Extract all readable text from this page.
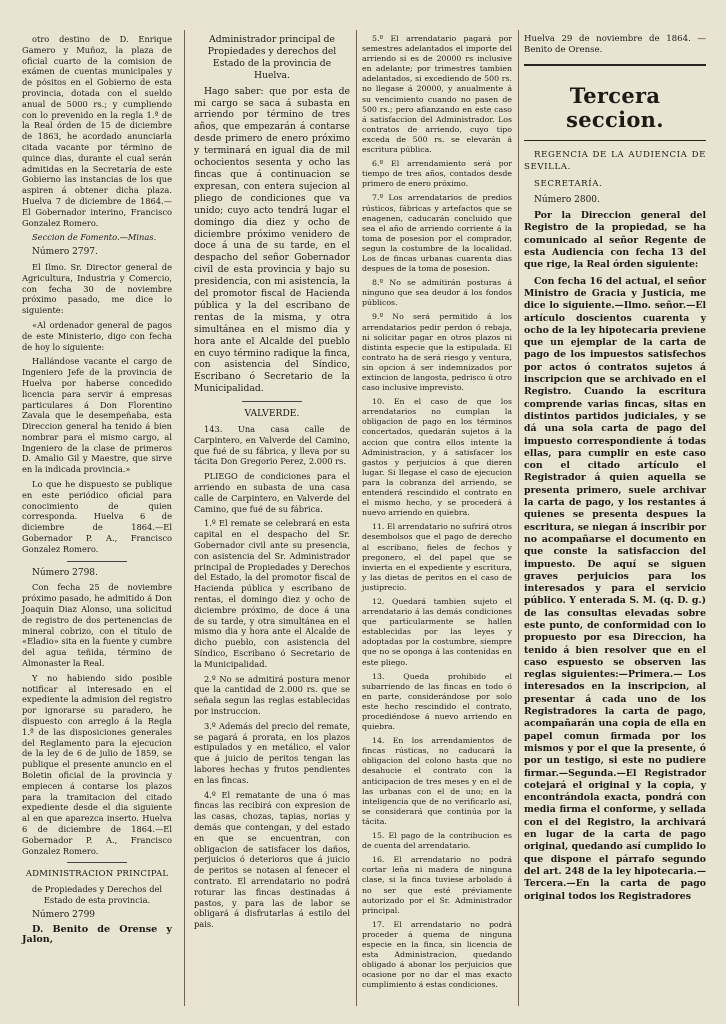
otro destino de D. Enrique Gamero y Muñoz, la plaza de oficial cuarto de la comision de exámen de cuentas municipales y de pósitos en el Gobierno de esta provincia, dotada con el sueldo anual de 5000 rs.; y cumpliendo con lo prevenido en la regla 1.ª de la Real órden de 15 de diciembre de 1863, he acordado anunciarla citada vacante por término de quince dias, durante el cual serán admitidas en la Secretaría de este Gobierno las instancias de los que aspiren á obtener dicha plaza. Huelva 7 de diciembre de 1864.—El Gobernador interino, Francisco Gonzalez Romero.

Seccion de Fomento.—Minas.

Número 2797.

El Ilmo. Sr. Director general de Agricultura, Industria y Comercio, con fecha 30 de noviembre próximo pasado, me dice lo siguiente:

«Al ordenador general de pagos de este Ministerio, digo con fecha de hoy lo siguiente:

Hallándose vacante el cargo de Ingeniero Jefe de la provincia de Huelva por haberse concedido licencia para servir á empresas particulares á Don Florentino Zavala que le desempeñaba, esta Direccion general ha tenido á bien nombrar para el mismo cargo, al Ingeniero de la clase de primeros D. Amalio Gil y Maestre, que sirve en la indicada provincia.»

Lo que he dispuesto se publique en este periódico oficial para conocimiento de quien corresponda. Huelva 6 de diciembre de 1864.—El Gobernador P. A., Francisco Gonzalez Romero.

Número 2798.

Con fecha 25 de noviembre próximo pasado, he admitido á Don Joaquin Diaz Alonso, una solicitud de registro de dos pertenencias de mineral cobrizo, con el título de «Eladio» sita en la fuente y cumbre del agua teñida, término de Almonaster la Real.

Y no habiendo sido posible notificar al interesado en el expediente la admision del registro por ignorarse su paradero, he dispuesto con arreglo á la Regla 1.ª de las disposiciones generales del Reglamento para la ejecucion de la ley de 6 de julio de 1859, se publique el presente anuncio en el Boletin oficial de la provincia y empiecen á contarse los plazos para la tramitacion del citado expediente desde el dia siguiente al en que aparezca inserto. Huelva 6 de diciembre de 1864.—El Gobernador P. A., Francisco Gonzalez Romero.

ADMINISTRACION PRINCIPAL

de Propiedades y Derechos del Estado de esta provincia.

Número 2799

D. Benito de Orense y Jalon,

Administrador principal de Propiedades y derechos del Estado de la provincia de Huelva.

Hago saber: que por esta de mi cargo se saca á subasta en arriendo por término de tres años, que empezarán á contarse desde primero de enero próximo y terminará en igual dia de mil ochocientos sesenta y ocho las fincas que á continuacion se expresan, con entera sujecion al pliego de condiciones que va unido; cuyo acto tendrá lugar el domingo dia diez y ocho de diciembre próximo venidero de doce á una de su tarde, en el despacho del señor Gobernador civil de esta provincia y bajo su presidencia, con mi asistencia, la del promotor fiscal de Hacienda pública y la del escribano de rentas de la misma, y otra simultánea en el mismo dia y hora ante el Alcalde del pueblo en cuyo término radique la finca, con asistencia del Síndico, Escribano ó Secretario de la Municipalidad.

VALVERDE.

143. Una casa calle de Carpintero, en Valverde del Camino, que fué de su fábrica, y lleva por su tácita Don Gregorio Perez, 2.000 rs.

PLIEGO de condiciones para el arriendo en subasta de una casa calle de Carpintero, en Valverde del Camino, que fué de su fábrica.

1.º El remate se celebrará en esta capital en el despacho del Sr. Gobernador civil ante su presencia, con asistencia del Sr. Administrador principal de Propiedades y Derechos del Estado, la del promotor fiscal de Hacienda pública y escribano de rentas, el domingo diez y ocho de diciembre próximo, de doce á una de su tarde, y otra simultánea en el mismo dia y hora ante el Alcalde de dicho pueblo, con asistencia del Síndico, Escribano ó Secretario de la Municipalidad.

2.º No se admitirá postura menor que la cantidad de 2.000 rs. que se señala segun las reglas establecidas por instruccion.

3.º Además del precio del remate, se pagará á prorata, en los plazos estipulados y en metálico, el valor que á juicio de peritos tengan las labores hechas y frutos pendientes en las fincas.

4.º El rematante de una ó mas fincas las recibirá con expresion de las casas, chozas, tapias, norias y demás que contengan, y del estado en que se encuentran, con obligacion de satisfacer los daños, perjuicios ó deterioros que á juicio de peritos se notasen al fenecer el contrato. El arrendatario no podrá roturar las fincas destinadas á pastos, y para las de labor se obligará á disfrutarlas á estilo del pais.

5.º El arrendatario pagará por semestres adelantados el importe del arriendo si es de 20000 rs inclusive en adelante; por trimestres tambien adelantados, si excediendo de 500 rs. no llegase á 20000, y anualmente á su vencimiento cuando no pasen de 500 rs.; pero afianzando en este caso á satisfaccion del Administrador. Los contratos de arriendo, cuyo tipo exceda de 500 rs. se elevarán á escritura pública.

6.º El arrendamiento será por tiempo de tres años, contados desde primero de enero próximo.

7.º Los arrendatarios de predios rústicos, fábricas y artefactos que se enagenen, caducarán concluido que sea el año de arriendo corriente á la toma de posesion por el comprador, segun la costumbre de la localidad. Los de fincas urbanas cuarenta dias despues de la toma de posesion.

8.º No se admitirán posturas á ninguno que sea deudor á los fondos públicos.

9.º No será permitido á los arrendatarios pedir perdon ó rebaja, ni solicitar pagar en otros plazos ni distinta especie que la estipulada. El contrato ha de será riesgo y ventura, sin opcion á ser indemnizados por extincion de langosta, pedrisco ú otro caso inclusive imprevisto.

10. En el caso de que los arrendatarios no cumplan la obligacion de pago en los términos concertados, quedarán sujetos á la accion que contra ellos intente la Administracion, y á satisfacer los gastos y perjuicios á que dieren lugar. Si llegase el caso de ejecucion para la cobranza del arriendo, se entenderá rescindido el contrato en el mismo hecho, y se procederá á nuevo arriendo en quiebra.

11. El arrendatario no sufrirá otros desembolsos que el pago de derecho al escribano, fieles de fechos y pregonero, el del papel que se invierta en el expediente y escritura, y las dietas de peritos en el caso de justiprecio.

12. Quedará tambien sujeto el arrendatario á las demás condiciones que particularmente se hallen establecidas por las leyes y adoptadas por la costumbre, siempre que no se oponga á las contenidas en este pliego.

13. Queda prohibido el subarriendo de las fincas en todo ó en parte, considerándose por solo este hecho rescindido el contrato, procediéndose á nuevo arriendo en quiebra.

14. En los arrendamientos de fincas rústicas, no caducará la obligacion del colono hasta que no desahucie el contrato con la anticipacion de tres meses y en el de las urbanas con el de uno; en la inteligencia que de no verificarlo así, se considerará que continúa por la tácita.

15. El pago de la contribucion es de cuenta del arrendatario.

16. El arrendatario no podrá cortar leña ni madera de ninguna clase, si la finca tuviese arbolado á no ser que esté préviamente autorizado por el Sr. Administrador principal.

17. El arrendatario no podrá proceder á quema de ninguna especie en la finca, sin licencia de esta Administracion, quedando obligado á abonar los perjuicios que ocasione por no dar el mas exacto cumplimiento á estas condiciones.

Huelva 29 de noviembre de 1864. —Benito de Orense.

Tercera seccion.

REGENCIA DE LA AUDIENCIA DE SEVILLA.

SECRETARÍA.

Número 2800.

Por la Direccion general del Registro de la propiedad, se ha comunicado al señor Regente de esta Audiencia con fecha 13 del que rige, la Real órden siguiente:

Con fecha 16 del actual, el señor Ministro de Gracia y Justicia, me dice lo siguiente.—Ilmo. señor.—El artículo doscientos cuarenta y ocho de la ley hipotecaria previene que un ejemplar de la carta de pago de los impuestos satisfechos por actos ó contratos sujetos á inscripcion que se archivado en el Registro. Cuando la escritura comprende varias fincas, sitas en distintos partidos judiciales, y se dá una sola carta de pago del impuesto correspondiente á todas ellas, para cumplir en este caso con el citado artículo el Registrador á quien aquella se presenta primero, suele archivar la carta de pago, y los restantes á quienes se presenta despues la escritura, se niegan á inscribir por no acompañarse el documento en que conste la satisfaccion del impuesto. De aquí se siguen graves perjuicios para los interesados y para el servicio público. Y enterada S. M. (q. D. g.) de las consultas elevadas sobre este punto, de conformidad con lo propuesto por esa Direccion, ha tenido á bien resolver que en el caso espuesto se observen las reglas siguientes:—Primera.— Los interesados en la inscripcion, al presentar á cada uno de los Registradores la carta de pago, acompañarán una copia de ella en papel comun firmada por los mismos y por el que la presente, ó por un testigo, si este no pudiere firmar.—Segunda.—El Registrador cotejará el original y la copia, y encontrándola exacta, pondrá con media firma el conforme, y sellada con el del Registro, la archivará en lugar de la carta de pago original, quedando así cumplido lo que dispone el párrafo segundo del art. 248 de la ley hipotecaria.—Tercera.—En la carta de pago original todos los Registradores
